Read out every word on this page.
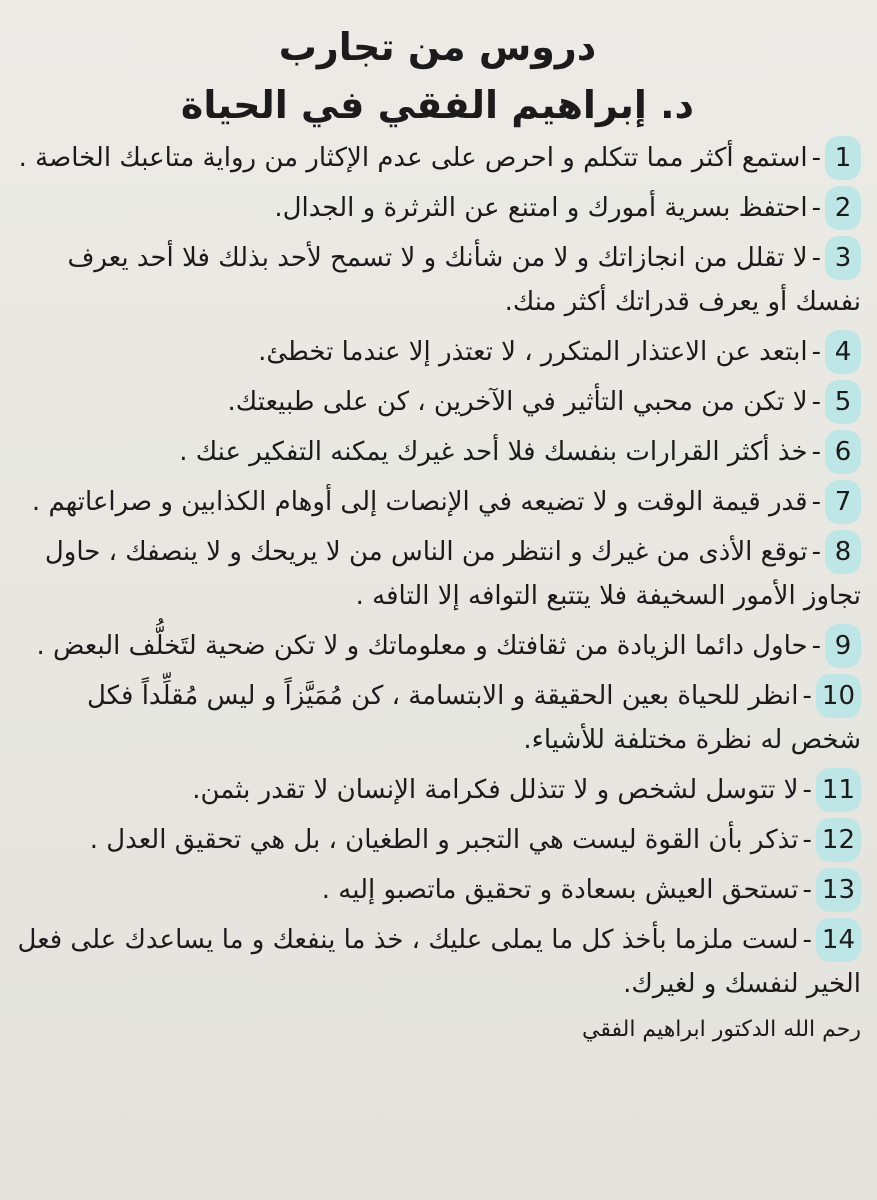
دروس من تجارب
د. إبراهيم الفقي في الحياة
1-استمع أكثر مما تتكلم و احرص على عدم الإكثار من رواية متاعبك الخاصة .
2-احتفظ بسرية أمورك و امتنع عن الثرثرة و الجدال.
3-لا تقلل من انجازاتك و لا من شأنك و لا تسمح لأحد بذلك فلا أحد يعرف نفسك أو يعرف قدراتك أكثر منك.
4-ابتعد عن الاعتذار المتكرر ، لا تعتذر إلا عندما تخطئ.
5-لا تكن من محبي التأثير في الآخرين ، كن على طبيعتك.
6-خذ أكثر القرارات بنفسك فلا أحد غيرك يمكنه التفكير عنك .
7-قدر قيمة الوقت و لا تضيعه في الإنصات إلى أوهام الكذابين و صراعاتهم .
8-توقع الأذى من غيرك و انتظر من الناس من لا يريحك و لا ينصفك ، حاول تجاوز الأمور السخيفة فلا يتتبع التوافه إلا التافه .
9-حاول دائما الزيادة من ثقافتك و معلوماتك و لا تكن ضحية لتَخلُّف البعض .
10-انظر للحياة بعين الحقيقة و الابتسامة ، كن مُمَيَّزاً و ليس مُقلِّداً فكل شخص له نظرة مختلفة للأشياء.
11-لا تتوسل لشخص و لا تتذلل فكرامة الإنسان لا تقدر بثمن.
12-تذكر بأن القوة ليست هي التجبر و الطغيان ، بل هي تحقيق العدل .
13-تستحق العيش بسعادة و تحقيق ماتصبو إليه .
14-لست ملزما بأخذ كل ما يملى عليك ، خذ ما ينفعك و ما يساعدك على فعل الخير لنفسك و لغيرك.
رحم الله الدكتور ابراهيم الفقي
